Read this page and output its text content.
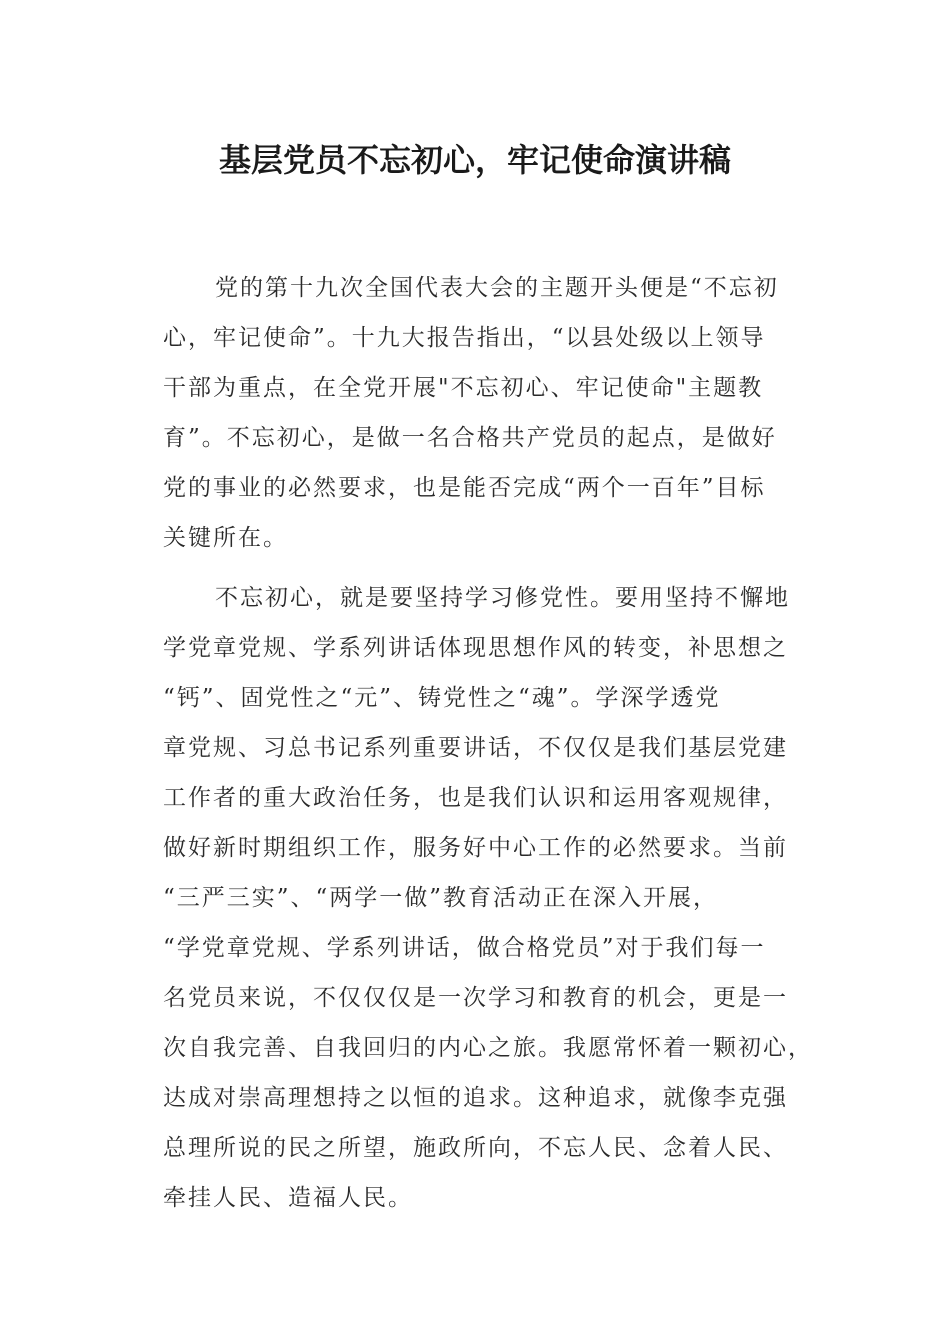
基层党员不忘初心，牢记使命演讲稿

党的第十九次全国代表大会的主题开头便是“不忘初
心，牢记使命”。十九大报告指出，“以县处级以上领导
干部为重点，在全党开展"不忘初心、牢记使命"主题教
育”。不忘初心，是做一名合格共产党员的起点，是做好
党的事业的必然要求，也是能否完成“两个一百年”目标
关键所在。

不忘初心，就是要坚持学习修党性。要用坚持不懈地
学党章党规、学系列讲话体现思想作风的转变，补思想之
“钙”、固党性之“元”、铸党性之“魂”。学深学透党
章党规、习总书记系列重要讲话，不仅仅是我们基层党建
工作者的重大政治任务，也是我们认识和运用客观规律，
做好新时期组织工作，服务好中心工作的必然要求。当前
“三严三实”、“两学一做”教育活动正在深入开展，
“学党章党规、学系列讲话，做合格党员”对于我们每一
名党员来说，不仅仅仅是一次学习和教育的机会，更是一
次自我完善、自我回归的内心之旅。我愿常怀着一颗初心，
达成对崇高理想持之以恒的追求。这种追求，就像李克强
总理所说的民之所望，施政所向，不忘人民、念着人民、
牵挂人民、造福人民。
